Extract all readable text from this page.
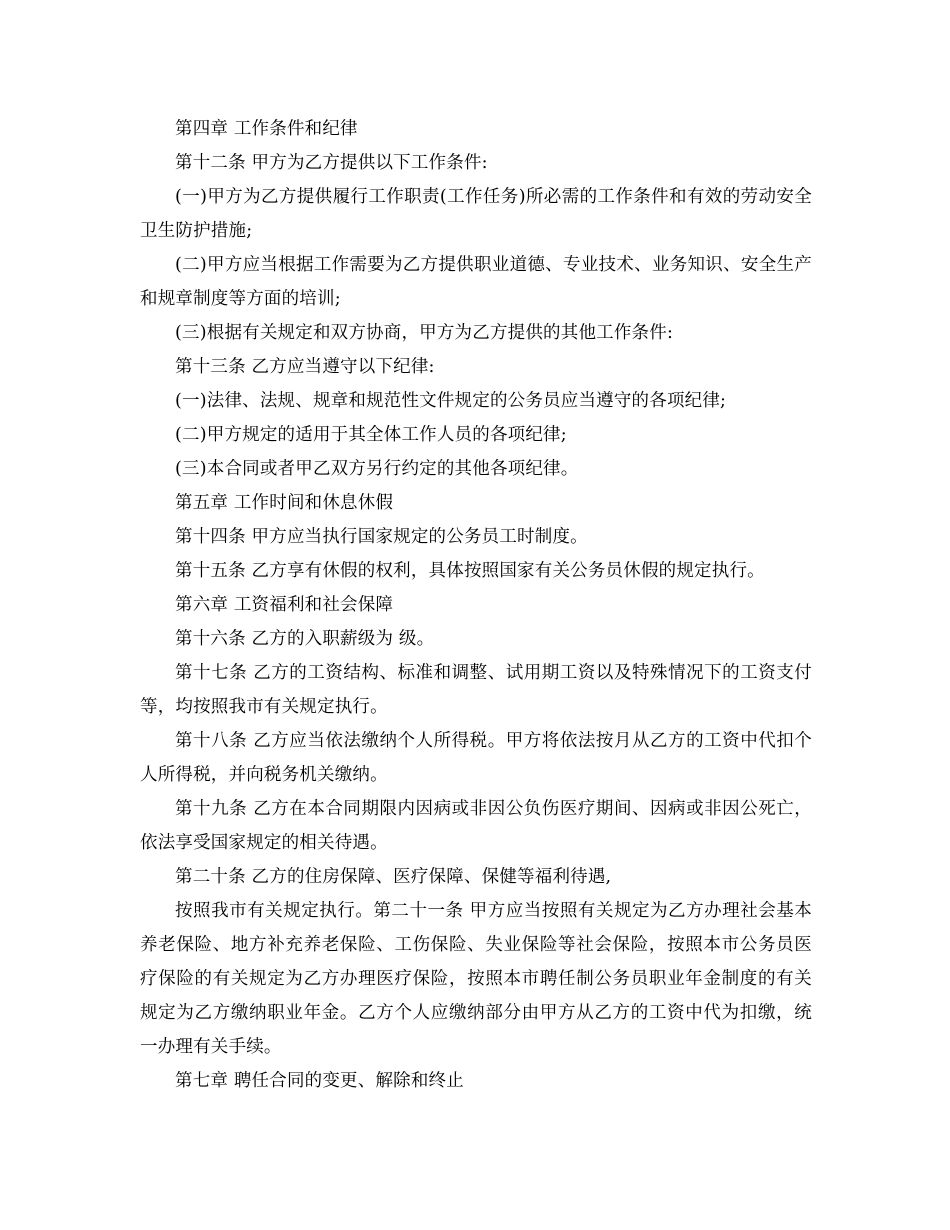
第四章 工作条件和纪律

第十二条 甲方为乙方提供以下工作条件:

(一)甲方为乙方提供履行工作职责(工作任务)所必需的工作条件和有效的劳动安全卫生防护措施;

(二)甲方应当根据工作需要为乙方提供职业道德、专业技术、业务知识、安全生产和规章制度等方面的培训;

(三)根据有关规定和双方协商，甲方为乙方提供的其他工作条件:

第十三条 乙方应当遵守以下纪律:

(一)法律、法规、规章和规范性文件规定的公务员应当遵守的各项纪律;

(二)甲方规定的适用于其全体工作人员的各项纪律;

(三)本合同或者甲乙双方另行约定的其他各项纪律。

第五章 工作时间和休息休假

第十四条 甲方应当执行国家规定的公务员工时制度。

第十五条 乙方享有休假的权利，具体按照国家有关公务员休假的规定执行。

第六章 工资福利和社会保障

第十六条 乙方的入职薪级为 级。

第十七条 乙方的工资结构、标准和调整、试用期工资以及特殊情况下的工资支付等，均按照我市有关规定执行。

第十八条 乙方应当依法缴纳个人所得税。甲方将依法按月从乙方的工资中代扣个人所得税，并向税务机关缴纳。

第十九条 乙方在本合同期限内因病或非因公负伤医疗期间、因病或非因公死亡，依法享受国家规定的相关待遇。

第二十条 乙方的住房保障、医疗保障、保健等福利待遇,

按照我市有关规定执行。第二十一条 甲方应当按照有关规定为乙方办理社会基本养老保险、地方补充养老保险、工伤保险、失业保险等社会保险，按照本市公务员医疗保险的有关规定为乙方办理医疗保险，按照本市聘任制公务员职业年金制度的有关规定为乙方缴纳职业年金。乙方个人应缴纳部分由甲方从乙方的工资中代为扣缴，统一办理有关手续。

第七章 聘任合同的变更、解除和终止
